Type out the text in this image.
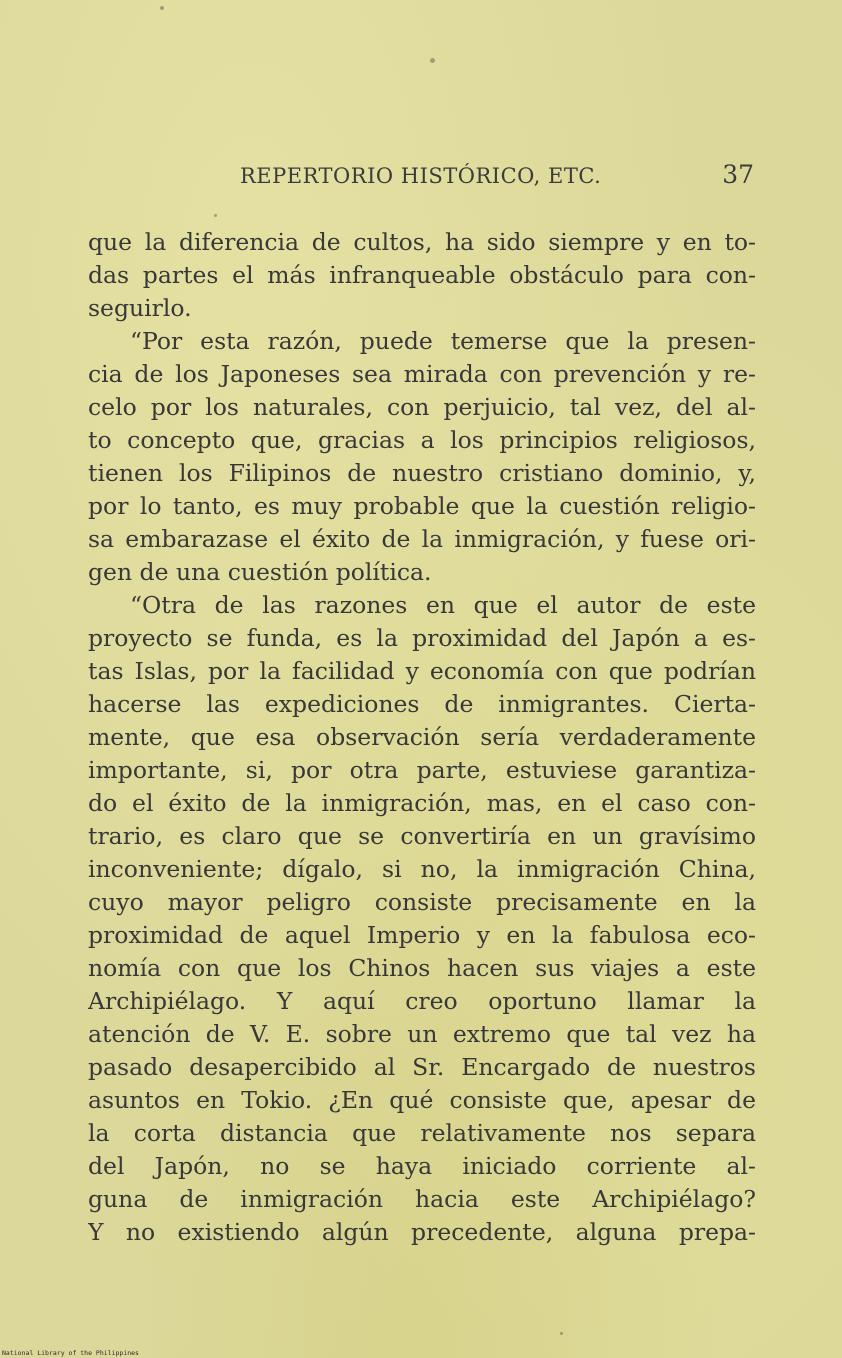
REPERTORIO HISTÓRICO, ETC.	37
que la diferencia de cultos, ha sido siempre y en to-
das partes el más infranqueable obstáculo para con-
seguirlo.
“Por esta razón, puede temerse que la presen-
cia de los Japoneses sea mirada con prevención y re-
celo por los naturales, con perjuicio, tal vez, del al-
to concepto que, gracias a los principios religiosos,
tienen los Filipinos de nuestro cristiano dominio, y,
por lo tanto, es muy probable que la cuestión religio-
sa embarazase el éxito de la inmigración, y fuese ori-
gen de una cuestión política.
“Otra de las razones en que el autor de este
proyecto se funda, es la proximidad del Japón a es-
tas Islas, por la facilidad y economía con que podrían
hacerse las expediciones de inmigrantes. Cierta-
mente, que esa observación sería verdaderamente
importante, si, por otra parte, estuviese garantiza-
do el éxito de la inmigración, mas, en el caso con-
trario, es claro que se convertiría en un gravísimo
inconveniente; dígalo, si no, la inmigración China,
cuyo mayor peligro consiste precisamente en la
proximidad de aquel Imperio y en la fabulosa eco-
nomía con que los Chinos hacen sus viajes a este
Archipiélago. Y aquí creo oportuno llamar la
atención de V. E. sobre un extremo que tal vez ha
pasado desapercibido al Sr. Encargado de nuestros
asuntos en Tokio. ¿En qué consiste que, apesar de
la corta distancia que relativamente nos separa
del Japón, no se haya iniciado corriente al-
guna de inmigración hacia este Archipiélago?
Y no existiendo algún precedente, alguna prepa-
National Library of the Philippines
